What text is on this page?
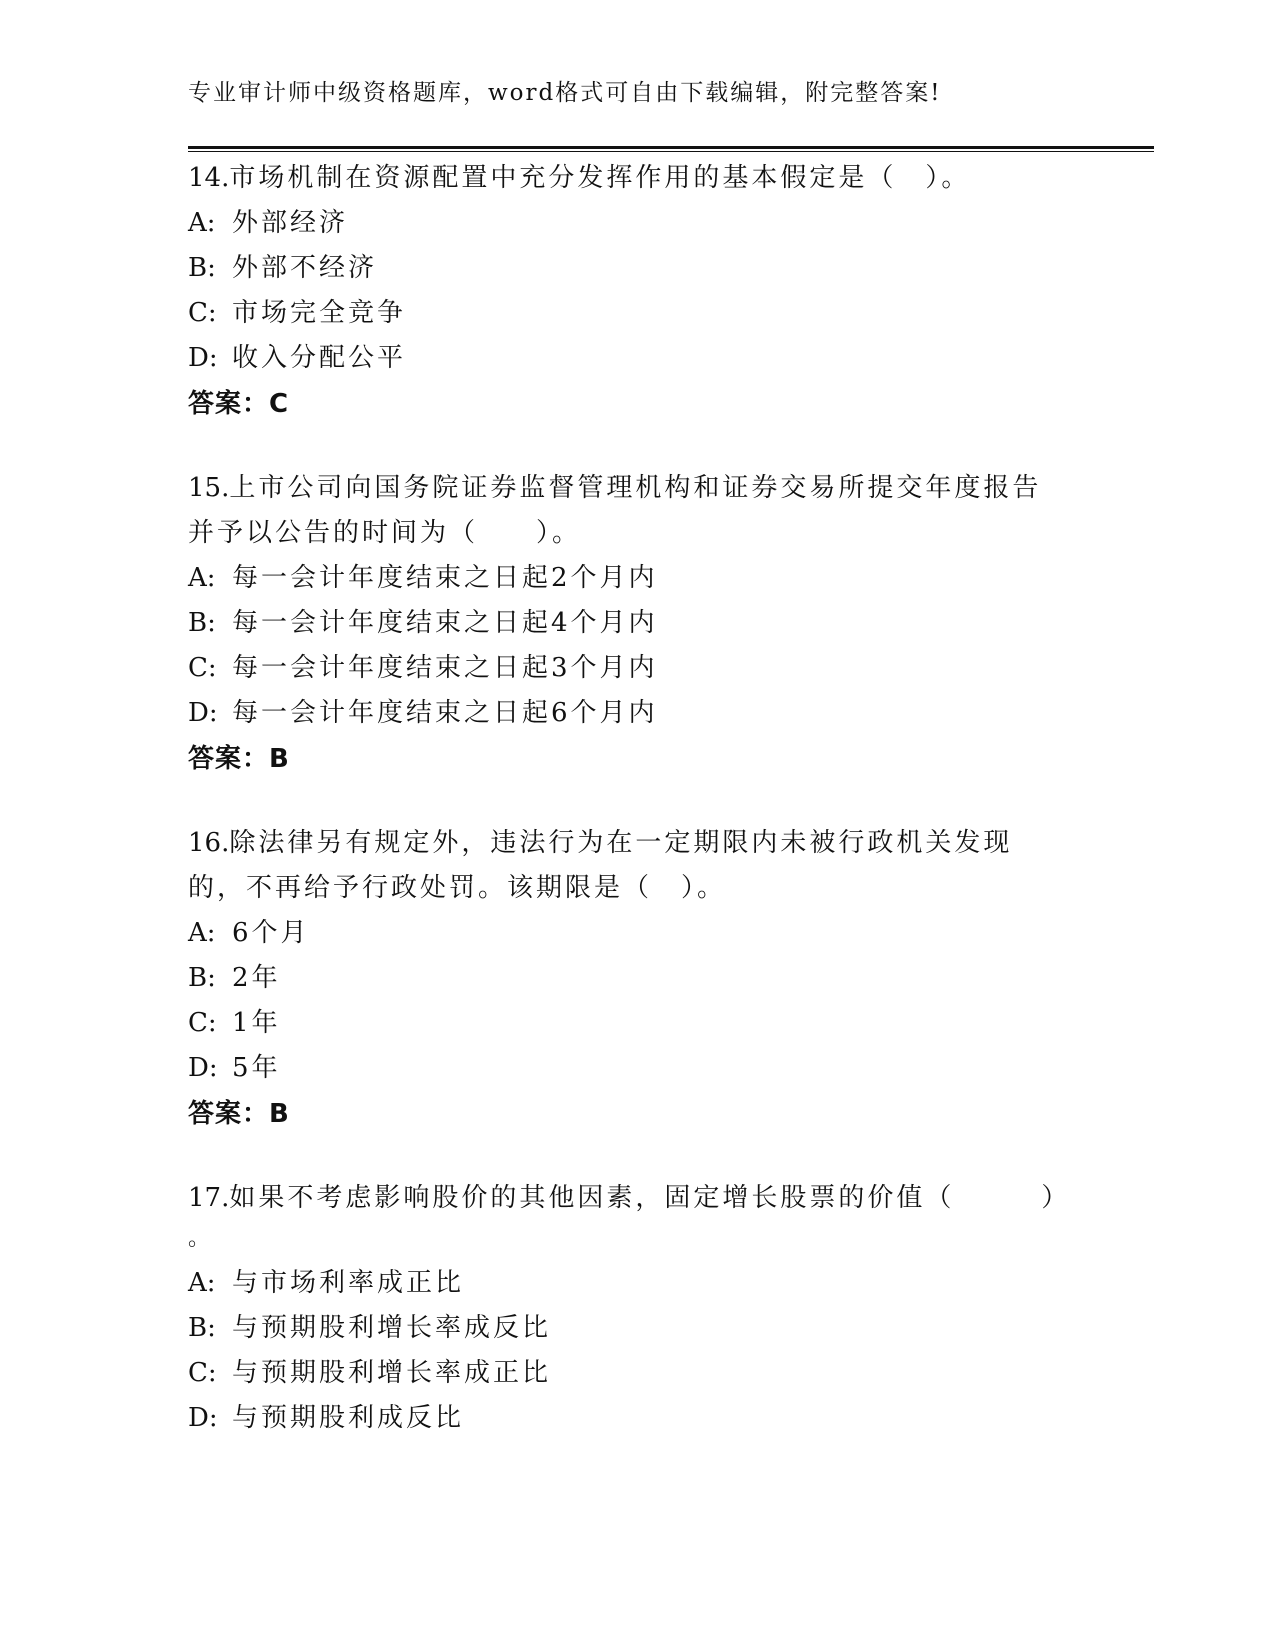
专业审计师中级资格题库，word格式可自由下载编辑，附完整答案!
14.市场机制在资源配置中充分发挥作用的基本假定是（　）。
A: 外部经济
B: 外部不经济
C: 市场完全竞争
D: 收入分配公平
答案：C
15.上市公司向国务院证券监督管理机构和证券交易所提交年度报告并予以公告的时间为（　　）。
A: 每一会计年度结束之日起2个月内
B: 每一会计年度结束之日起4个月内
C: 每一会计年度结束之日起3个月内
D: 每一会计年度结束之日起6个月内
答案：B
16.除法律另有规定外，违法行为在一定期限内未被行政机关发现的，不再给予行政处罚。该期限是（　）。
A: 6个月
B: 2年
C: 1年
D: 5年
答案：B
17.如果不考虑影响股价的其他因素，固定增长股票的价值（　　　）
。
A: 与市场利率成正比
B: 与预期股利增长率成反比
C: 与预期股利增长率成正比
D: 与预期股利成反比
